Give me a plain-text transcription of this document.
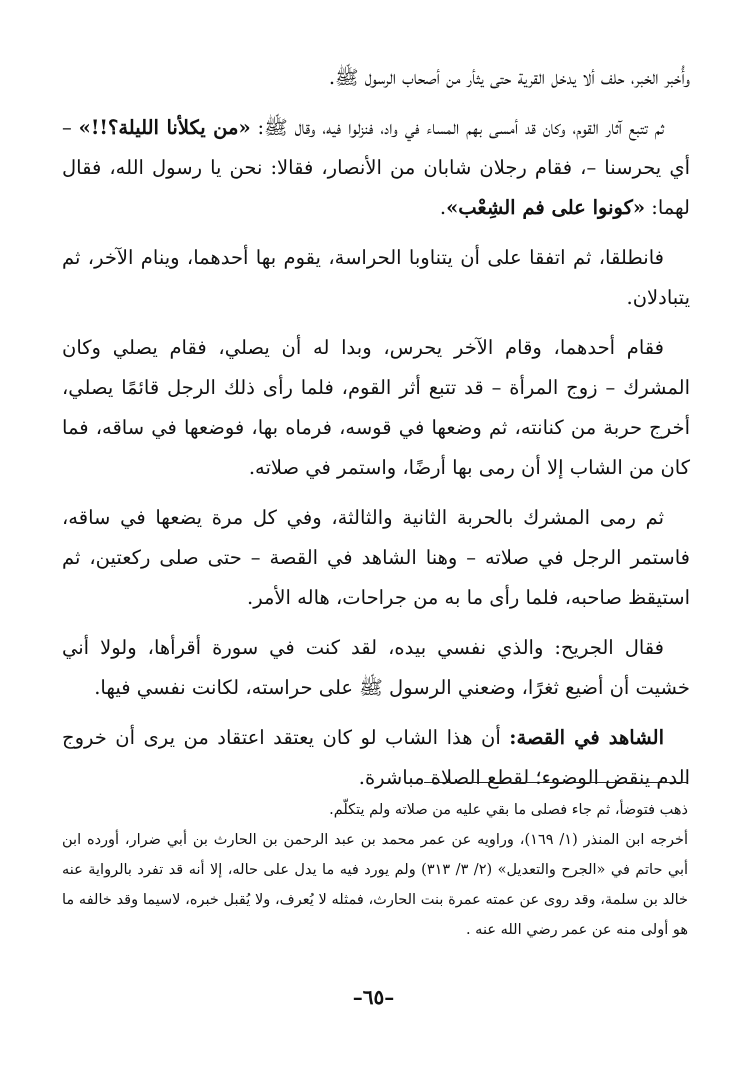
وأُخبر الخبر، حلف ألا يدخل القرية حتى يثأر من أصحاب الرسول ﷺ.

ثم تتبع آثار القوم، وكان قد أمسى بهم المساء في واد، فنزلوا فيه، وقال ﷺ: «من يكلأنا الليلة؟!!» – أي يحرسنا –، فقام رجلان شابان من الأنصار، فقالا: نحن يا رسول الله، فقال لهما: «كونوا على فم الشِعْب».

فانطلقا، ثم اتفقا على أن يتناوبا الحراسة، يقوم بها أحدهما، وينام الآخر، ثم يتبادلان.

فقام أحدهما، وقام الآخر يحرس، وبدا له أن يصلي، فقام يصلي وكان المشرك – زوج المرأة – قد تتبع أثر القوم، فلما رأى ذلك الرجل قائمًا يصلي، أخرج حربة من كنانته، ثم وضعها في قوسه، فرماه بها، فوضعها في ساقه، فما كان من الشاب إلا أن رمى بها أرضًا، واستمر في صلاته.

ثم رمى المشرك بالحربة الثانية والثالثة، وفي كل مرة يضعها في ساقه، فاستمر الرجل في صلاته – وهنا الشاهد في القصة – حتى صلى ركعتين، ثم استيقظ صاحبه، فلما رأى ما به من جراحات، هاله الأمر.

فقال الجريح: والذي نفسي بيده، لقد كنت في سورة أقرأها، ولولا أني خشيت أن أضيع ثغرًا، وضعني الرسول ﷺ على حراسته، لكانت نفسي فيها.

الشاهد في القصة: أن هذا الشاب لو كان يعتقد اعتقاد من يرى أن خروج الدم ينقض الوضوء؛ لقطع الصلاة مباشرة.

ذهب فتوضأ، ثم جاء فصلى ما بقي عليه من صلاته ولم يتكلّم.

أخرجه ابن المنذر (١/ ١٦٩)، وراويه عن عمر محمد بن عبد الرحمن بن الحارث بن أبي ضرار، أورده ابن أبي حاتم في «الجرح والتعديل» (٢/ ٣/ ٣١٣) ولم يورد فيه ما يدل على حاله، إلا أنه قد تفرد بالرواية عنه خالد بن سلمة، وقد روى عن عمته عمرة بنت الحارث، فمثله لا يُعرف، ولا يُقبل خبره، لاسيما وقد خالفه ما هو أولى منه عن عمر رضي الله عنه .

–٦٥–
